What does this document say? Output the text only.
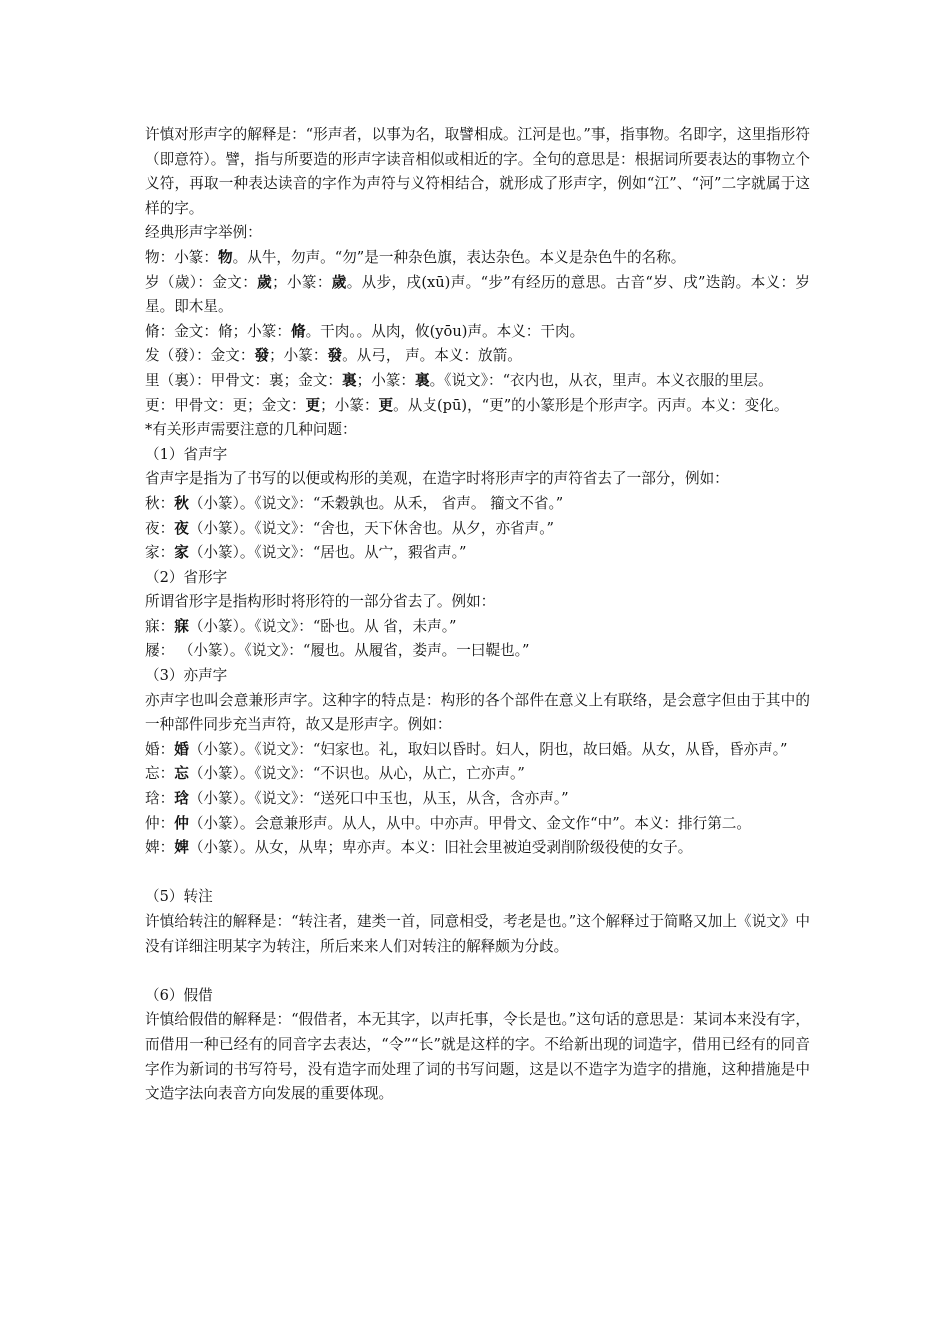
许慎对形声字的解释是：“形声者，以事为名，取譬相成。江河是也。”事，指事物。名即字，这里指形符（即意符）。譬，指与所要造的形声字读音相似或相近的字。全句的意思是：根据词所要表达的事物立个义符，再取一种表达读音的字作为声符与义符相结合，就形成了形声字，例如“江”、“河”二字就属于这样的字。

经典形声字举例：

物：小篆：物。从牛，勿声。“勿”是一种杂色旗，表达杂色。本义是杂色牛的名称。

岁（歲）：金文：歲；小篆：歲。从步，戌(xū)声。“步”有经历的意思。古音“岁、戌”迭韵。本义：岁星。即木星。

脩：金文：脩；小篆：脩。干肉。。从肉，攸(yōu)声。本义：干肉。

发（發）：金文：發；小篆：發。从弓， 声。本义：放箭。

里（裏）：甲骨文：裏；金文：裏；小篆：裏。《说文》：“衣内也，从衣，里声。本义衣服的里层。

更：甲骨文：更；金文：更；小篆：更。从攴(pū)，“更”的小篆形是个形声字。丙声。本义：变化。

*有关形声需要注意的几种问题：

（1）省声字

省声字是指为了书写的以便或构形的美观，在造字时将形声字的声符省去了一部分，例如：

秋：秋（小篆）。《说文》：“禾穀孰也。从禾， 省声。 籀文不省。”

夜：夜（小篆）。《说文》：“舍也，天下休舍也。从夕，亦省声。”

家：家（小篆）。《说文》：“居也。从宀，豭省声。”

（2）省形字

所谓省形字是指构形时将形符的一部分省去了。例如：

寐：寐（小篆）。《说文》：“卧也。从 省，未声。”

屦： （小篆）。《说文》：“履也。从履省，娄声。一曰鞮也。”

（3）亦声字

亦声字也叫会意兼形声字。这种字的特点是：构形的各个部件在意义上有联络，是会意字但由于其中的一种部件同步充当声符，故又是形声字。例如：

婚：婚（小篆）。《说文》：“妇家也。礼，取妇以昏时。妇人，阴也，故曰婚。从女，从昏，昏亦声。”

忘：忘（小篆）。《说文》：“不识也。从心，从亡，亡亦声。”

琀：琀（小篆）。《说文》：“送死口中玉也，从玉，从含，含亦声。”

仲：仲（小篆）。会意兼形声。从人，从中。中亦声。甲骨文、金文作“中”。本义：排行第二。

婢：婢（小篆）。从女，从卑；卑亦声。本义：旧社会里被迫受剥削阶级役使的女子。

（5）转注

许慎给转注的解释是：“转注者，建类一首，同意相受，考老是也。”这个解释过于简略又加上《说文》中没有详细注明某字为转注，所后来来人们对转注的解释颇为分歧。

（6）假借

许慎给假借的解释是：“假借者，本无其字，以声托事，令长是也。”这句话的意思是：某词本来没有字，而借用一种已经有的同音字去表达，“令”“长”就是这样的字。不给新出现的词造字，借用已经有的同音字作为新词的书写符号，没有造字而处理了词的书写问题，这是以不造字为造字的措施，这种措施是中文造字法向表音方向发展的重要体现。
